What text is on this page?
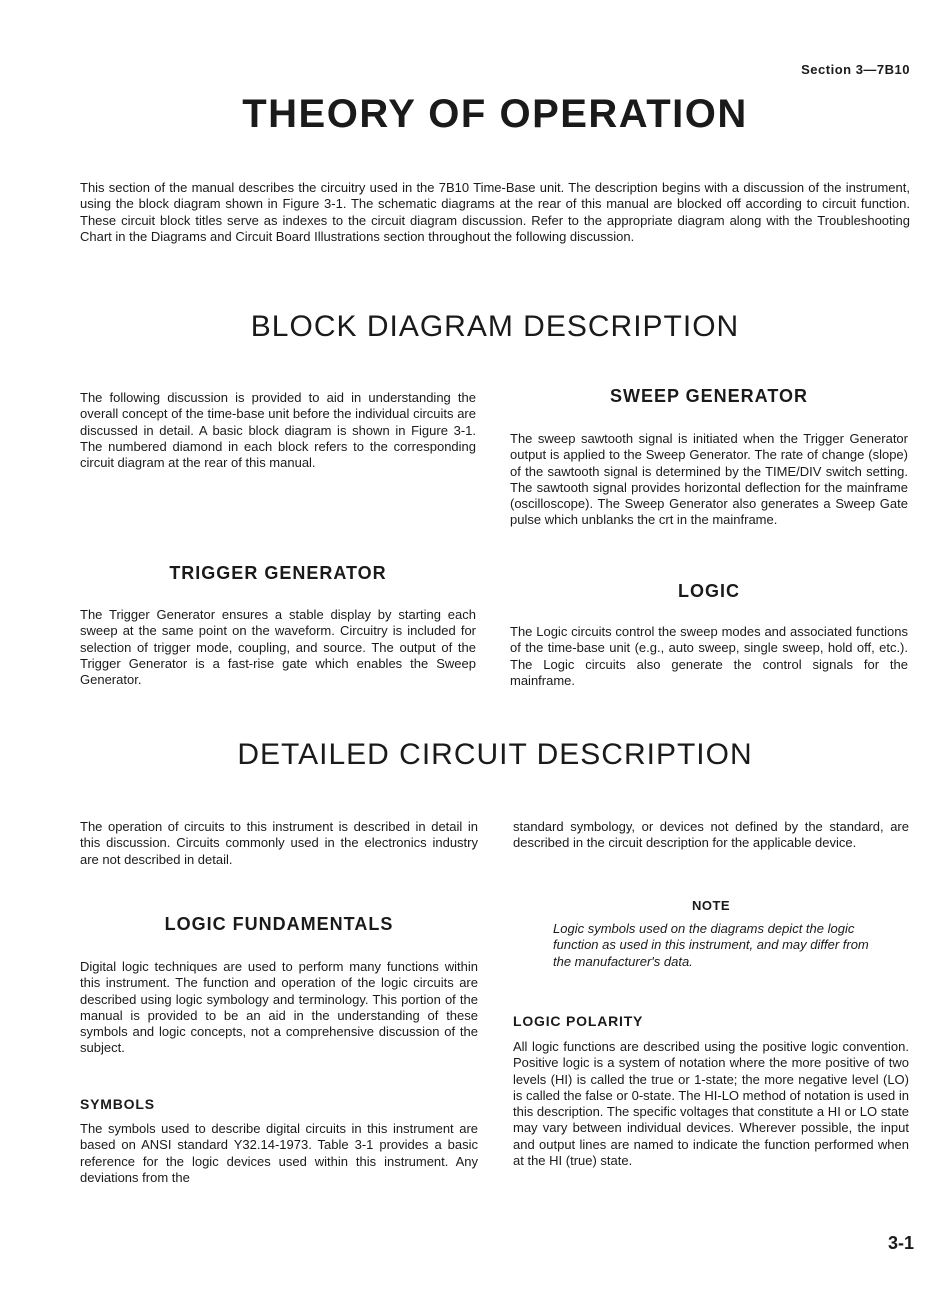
Section 3—7B10
THEORY OF OPERATION

This section of the manual describes the circuitry used in the 7B10 Time-Base unit. The description begins with a discussion of the instrument, using the block diagram shown in Figure 3-1. The schematic diagrams at the rear of this manual are blocked off according to circuit function. These circuit block titles serve as indexes to the circuit diagram discussion. Refer to the appropriate diagram along with the Troubleshooting Chart in the Diagrams and Circuit Board Illustrations section throughout the following discussion.

BLOCK DIAGRAM DESCRIPTION

The following discussion is provided to aid in understanding the overall concept of the time-base unit before the individual circuits are discussed in detail. A basic block diagram is shown in Figure 3-1. The numbered diamond in each block refers to the corresponding circuit diagram at the rear of this manual.

TRIGGER GENERATOR

The Trigger Generator ensures a stable display by starting each sweep at the same point on the waveform. Circuitry is included for selection of trigger mode, coupling, and source. The output of the Trigger Generator is a fast-rise gate which enables the Sweep Generator.

SWEEP GENERATOR

The sweep sawtooth signal is initiated when the Trigger Generator output is applied to the Sweep Generator. The rate of change (slope) of the sawtooth signal is determined by the TIME/DIV switch setting. The sawtooth signal provides horizontal deflection for the mainframe (oscilloscope). The Sweep Generator also generates a Sweep Gate pulse which unblanks the crt in the mainframe.

LOGIC

The Logic circuits control the sweep modes and associated functions of the time-base unit (e.g., auto sweep, single sweep, hold off, etc.). The Logic circuits also generate the control signals for the mainframe.

DETAILED CIRCUIT DESCRIPTION

The operation of circuits to this instrument is described in detail in this discussion. Circuits commonly used in the electronics industry are not described in detail.

LOGIC FUNDAMENTALS

Digital logic techniques are used to perform many functions within this instrument. The function and operation of the logic circuits are described using logic symbology and terminology. This portion of the manual is provided to be an aid in the understanding of these symbols and logic concepts, not a comprehensive discussion of the subject.

SYMBOLS

The symbols used to describe digital circuits in this instrument are based on ANSI standard Y32.14-1973. Table 3-1 provides a basic reference for the logic devices used within this instrument. Any deviations from the

standard symbology, or devices not defined by the standard, are described in the circuit description for the applicable device.

NOTE

Logic symbols used on the diagrams depict the logic function as used in this instrument, and may differ from the manufacturer's data.

LOGIC POLARITY

All logic functions are described using the positive logic convention. Positive logic is a system of notation where the more positive of two levels (HI) is called the true or 1-state; the more negative level (LO) is called the false or 0-state. The HI-LO method of notation is used in this description. The specific voltages that constitute a HI or LO state may vary between individual devices. Wherever possible, the input and output lines are named to indicate the function performed when at the HI (true) state.

3-1
